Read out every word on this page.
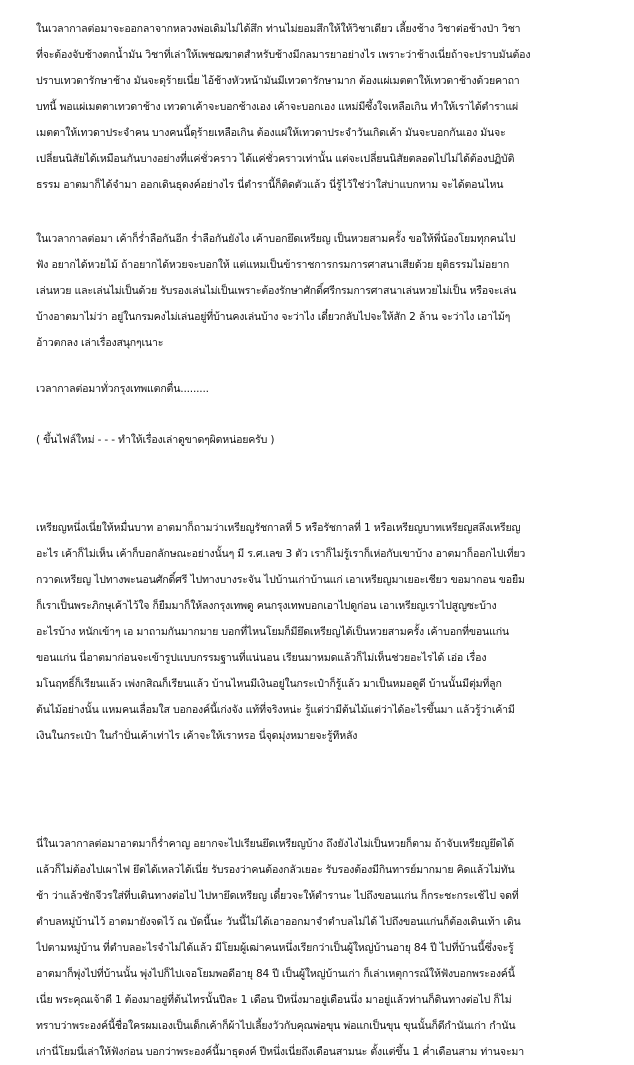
ในเวลากาลต่อมาจะออกลาจากหลวงพ่อเดิมไม่ได้สึก ท่านไม่ยอมสึกให้ให้วิชาเดียว เลี้ยงช้าง วิชาต่อช้างป่า วิชา
ที่จะต้องจับช้างตกน้ำมัน วิชาที่เล่าให้เพชฌฆาตสำหรับช้างมีกลมารยาอย่างไร เพราะว่าช้างเนี่ยถ้าจะปราบมันต้อง
ปราบเทวดารักษาช้าง มันจะดุร้ายเนี่ย ไอ้ช้างหัวหน้ามันมีเทวดารักษามาก ต้องแผ่เมตตาให้เทวดาช้างด้วยคาถา
บทนี้ พอแผ่เมตตาเทวดาช้าง เทวดาเค้าจะบอกช้างเอง เค้าจะบอกเอง แหม่มีซึ้งใจเหลือเกิน ทำให้เราได้ตำราแผ่
เมตตาให้เทวดาประจำคน บางคนนี้ดุร้ายเหลือเกิน ต้องแผ่ให้เทวดาประจำวันเกิดเค้า มันจะบอกกันเอง มันจะ
เปลี่ยนนิสัยได้เหมือนกันบางอย่างที่แค่ชั่วคราว ได้แค่ชั่วคราวเท่านั้น แต่จะเปลี่ยนนิสัยตลอดไปไม่ได้ต้องปฏิบัติ
ธรรม อาตมาก็ได้จำมา ออกเดินธุดงค์อย่างไร นี่ตำรานี้ก็ติดตัวแล้ว นี่รู้ไว้ใช่ว่าใส่บ่าแบกหาม จะได้ตอนไหน
ในเวลากาลต่อมา เค้าก็ร่ำลือกันอีก ร่ำลือกันยังไง เค้าบอกยึดเหรียญ เป็นหวยสามครั้ง ขอให้พี่น้องโยมทุกคนไป
ฟัง อยากได้หวยไม้ ถ้าอยากได้หวยจะบอกให้ แต่แหมเป็นข้าราชการกรมการศาสนาเสียด้วย ยุติธรรมไม่อยาก
เล่นหวย และเล่นไม่เป็นด้วย รับรองเล่นไม่เป็นเพราะต้องรักษาศักดิ์ศรีกรมการศาสนาเล่นหวยไม่เป็น หรือจะเล่น
บ้างอาตมาไม่ว่า อยู่ในกรมคงไม่เล่นอยู่ที่บ้านคงเล่นบ้าง จะว่าไง เดี๋ยวกลับไปจะให้สัก 2 ล้าน จะว่าไง เอาไม้ๆ
อ้าวตกลง เล่าเรื่องสนุกๆเนาะ
เวลากาลต่อมาทั่วกรุงเทพแตกตื่น.........
( ขึ้นไฟล์ใหม่ - - - ทำให้เรื่องเล่าดูขาดๆผิดหน่อยครับ )
เหรียญหนึ่งเนี่ยให้หมื่นบาท อาตมาก็ถามว่าเหรียญรัชกาลที่ 5 หรือรัชกาลที่ 1 หรือเหรียญบาทเหรียญสลึงเหรียญ
อะไร เค้าก็ไม่เห็น เค้าก็บอกลักษณะอย่างนั้นๆ มี ร.ศ.เลข 3 ตัว เราก็ไม่รู้เราก็เห่อกับเขาบ้าง อาตมาก็ออกไปเที่ยว
กวาดเหรียญ ไปทางพะนอนศักดิ์ศรี ไปทางบางระจัน ไปบ้านเก่าบ้านแก่ เอาเหรียญมาเยอะเชียว ขอมากอน ขอยืม
ก็เราเป็นพระภิกษุเค้าไว้ใจ ก็ยืมมาก็ให้ลงกรุงเทพดู คนกรุงเทพบอกเอาไปดูก่อน เอาเหรียญเราไปสูญซะบ้าง
อะไรบ้าง หนักเข้าๆ เอ มาถามกันมากมาย บอกที่ไหนโยมก็มียึดเหรียญได้เป็นหวยสามครั้ง เค้าบอกที่ขอนแก่น
ขอนแก่น นี่อาตมาก่อนจะเข้ารูปแบบกรรมฐานที่แน่นอน เรียนมาหมดแล้วก็ไม่เห็นช่วยอะไรได้ เอ่อ เรื่อง
มโนฤทธิ์ก็เรียนแล้ว เพ่งกสิณก็เรียนแล้ว บ้านไหนมีเงินอยู่ในกระเป๋าก็รู้แล้ว มาเป็นหมอดูดี บ้านนั้นมีตุ่มที่ลูก
ต้นไม้อย่างนั้น แหมคนเลื่อมใส บอกองค์นี้เก่งจัง แท้ที่จริงหน่ะ รู้แต่ว่ามีต้นไม้แต่ว่าได้อะไรขึ้นมา แล้วรู้ว่าเค้ามี
เงินในกระเป๋า ในกำปั่นเค้าเท่าไร เค้าจะให้เราหรอ นี่จุดมุ่งหมายจะรู้ทีหลัง
นี่ในเวลากาลต่อมาอาตมาก็ร่ำคาญ อยากจะไปเรียนยึดเหรียญบ้าง ถึงยังไงไม่เป็นหวยก็ตาม ถ้าจับเหรียญยึดได้
แล้วก็ไม่ต้องไปเผาไฟ ยึดได้เหลวได้เนี่ย รับรองว่าคนต้องกลัวเยอะ รับรองต้องมีกินทารย์มากมาย คิดแล้วไม่ทัน
ช้า ว่าแล้วชักจีวรใส่ที่บเดินทางต่อไป ไปหายึดเหรียญ เดี๋ยวจะให้ตำรานะ ไปถึงขอนแก่น ก็กระชะกระเช้ไป จดที่
ตำบลหมู่บ้านไว้ อาตมายังจดไว้ ณ บัดนี้นะ วันนี้ไม่ได้เอาออกมาจำตำบลไม่ได้ ไปถึงขอนแก่นก็ต้องเดินเท้า เดิน
ไปตามหมู่บ้าน ที่ตำบลอะไรจำไม่ได้แล้ว มีโยมผู้เฒ่าคนหนึ่งเรียกว่าเป็นผู้ใหญ่บ้านอายุ 84 ปี ไปที่บ้านนี้ซึ่งจะรู้
อาตมาก็พุ่งไปที่บ้านนั้น พุ่งไปก็ไปเจอโยมพอดีอายุ 84 ปี เป็นผู้ใหญ่บ้านเก่า ก็เล่าเหตุการณ์ให้ฟังบอกพระองค์นี้
เนี่ย พระคุณเจ้าดี 1 ต้องมาอยู่ที่ต้นไทรนั้นปีละ 1 เดือน ปีหนึ่งมาอยู่เดือนนึ่ง มาอยู่แล้วท่านก็ดินทางต่อไป ก็ไม่
ทราบว่าพระองค์นี้ชื่อใครผมเองเป็นเด็กเค้าก็ผ้าไปเลี้ยงวัวกับคุณพ่อขุน พ่อแกเป็นขุน ขุนนั้นก็ดีกำนันเก่า กำนัน
เก่านี่โยมนี่เล่าให้ฟังก่อน บอกว่าพระองค์นี้มาธุดงค์ ปีหนึ่งเนี่ยถึงเดือนสามนะ ตั้งแต่ขึ้น 1 ค่ำเดือนสาม ท่านจะมา
